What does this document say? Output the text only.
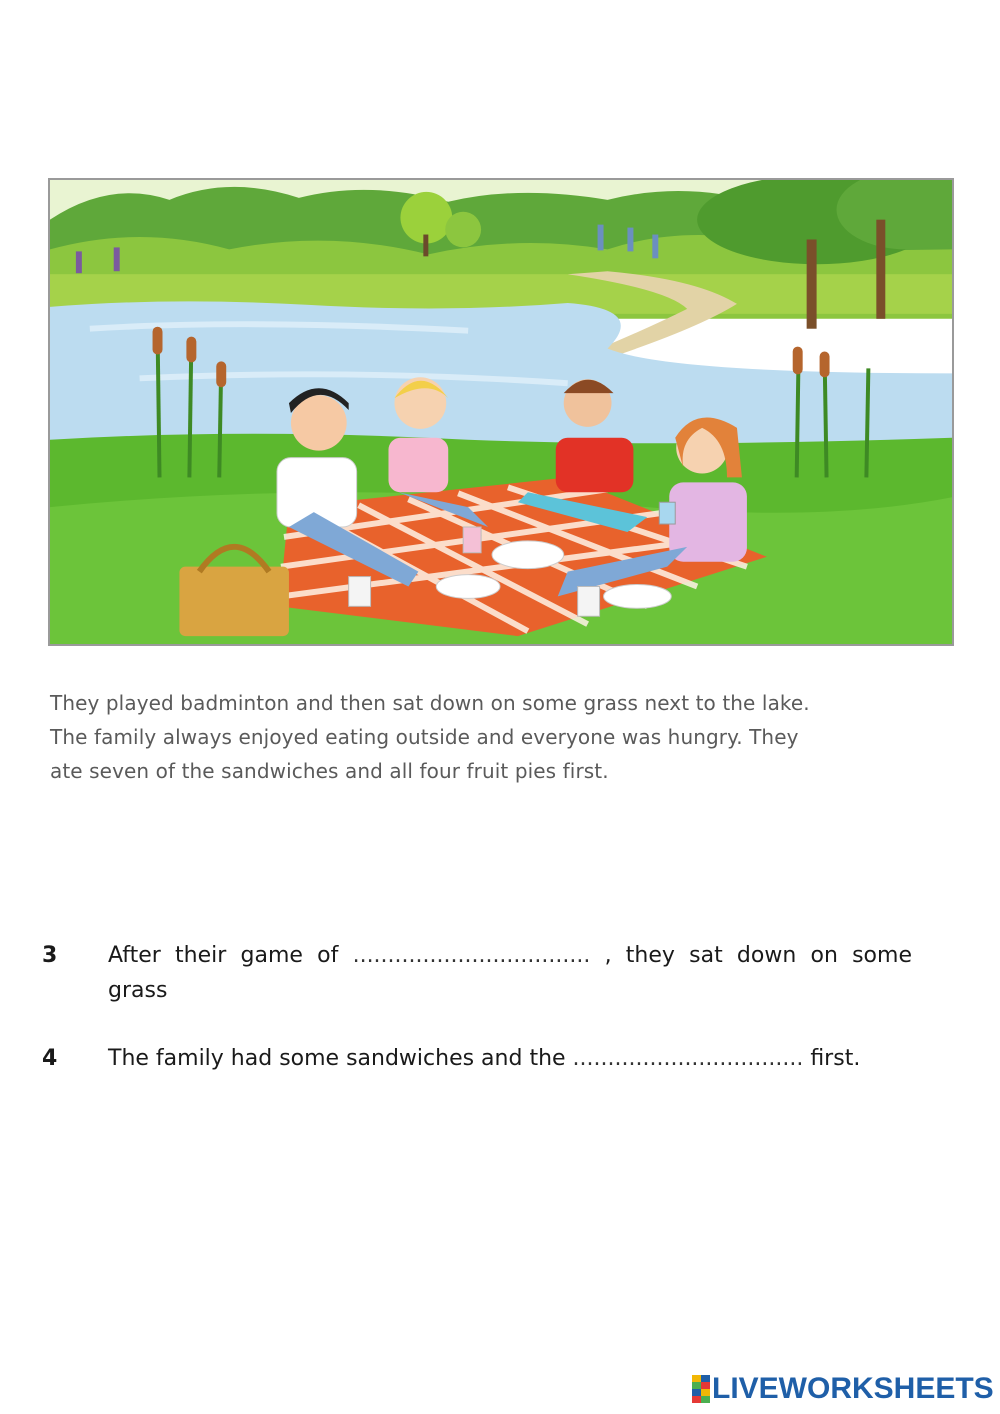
They played badminton and then sat down on some grass next to the lake.
The family always enjoyed eating outside and everyone was hungry. They
ate seven of the sandwiches and all four fruit pies first.
3	After their game of .................................. , they sat down on some
grass
4	The family had some sandwiches and the ................................. first.
LIVEWORKSHEETS
